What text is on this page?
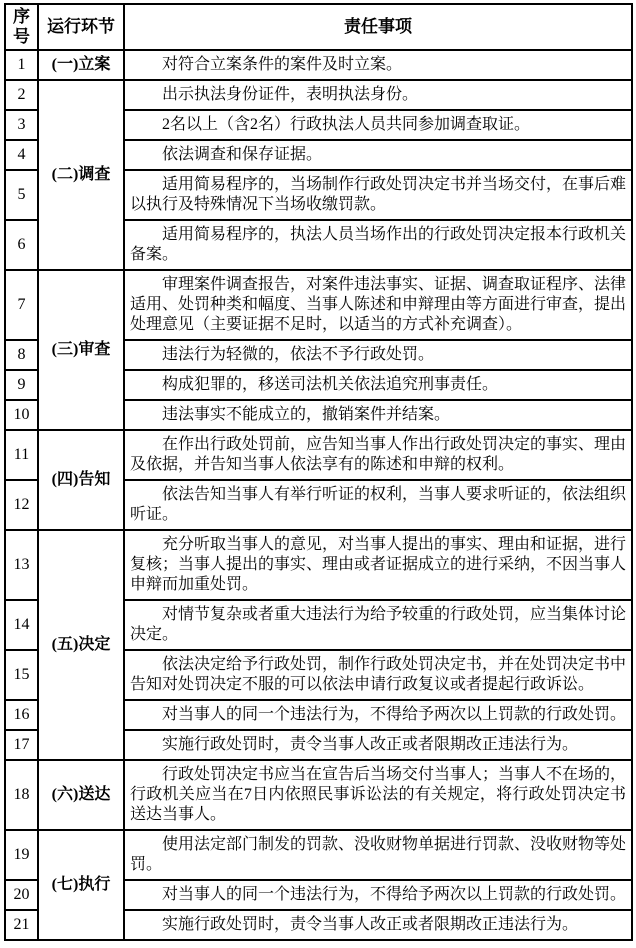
序号	运行环节	责任事项
1	(一)立案	对符合立案条件的案件及时立案。

2	(二)调查	出示执法身份证件，表明执法身份。

3		2名以上（含2名）行政执法人员共同参加调查取证。

4		依法调查和保存证据。

5		适用简易程序的，当场制作行政处罚决定书并当场交付，在事后难以执行及特殊情况下当场收缴罚款。

6		适用简易程序的，执法人员当场作出的行政处罚决定报本行政机关备案。

7	(三)审查	审理案件调查报告，对案件违法事实、证据、调查取证程序、法律适用、处罚种类和幅度、当事人陈述和申辩理由等方面进行审查，提出处理意见（主要证据不足时，以适当的方式补充调查）。

8		违法行为轻微的，依法不予行政处罚。

9		构成犯罪的，移送司法机关依法追究刑事责任。

10		违法事实不能成立的，撤销案件并结案。

11	(四)告知	在作出行政处罚前，应告知当事人作出行政处罚决定的事实、理由及依据，并告知当事人依法享有的陈述和申辩的权利。

12		依法告知当事人有举行听证的权利，当事人要求听证的，依法组织听证。

13	(五)决定	充分听取当事人的意见，对当事人提出的事实、理由和证据，进行复核；当事人提出的事实、理由或者证据成立的进行采纳，不因当事人申辩而加重处罚。

14		对情节复杂或者重大违法行为给予较重的行政处罚，应当集体讨论决定。

15		依法决定给予行政处罚，制作行政处罚决定书，并在处罚决定书中告知对处罚决定不服的可以依法申请行政复议或者提起行政诉讼。

16		对当事人的同一个违法行为，不得给予两次以上罚款的行政处罚。

17		实施行政处罚时，责令当事人改正或者限期改正违法行为。

18	(六)送达	行政处罚决定书应当在宣告后当场交付当事人；当事人不在场的，行政机关应当在7日内依照民事诉讼法的有关规定，将行政处罚决定书送达当事人。

19	(七)执行	使用法定部门制发的罚款、没收财物单据进行罚款、没收财物等处罚。

20		对当事人的同一个违法行为，不得给予两次以上罚款的行政处罚。

21		实施行政处罚时，责令当事人改正或者限期改正违法行为。
